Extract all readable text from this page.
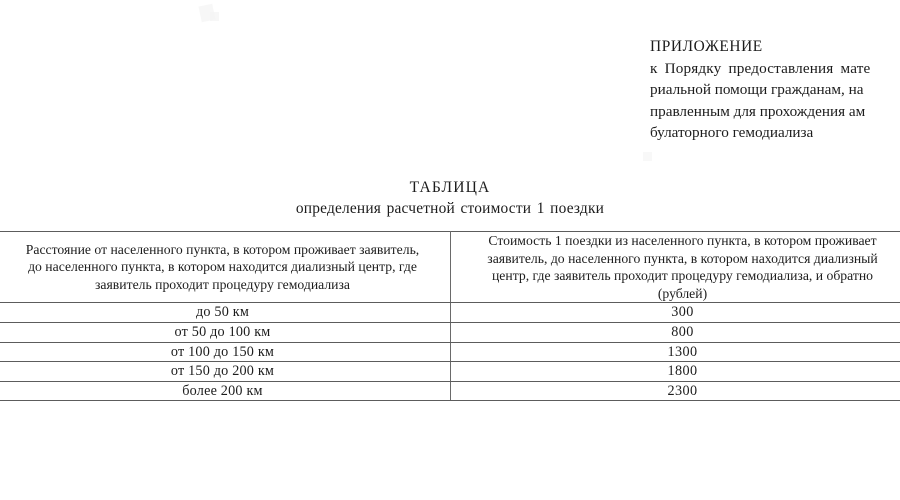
ПРИЛОЖЕНИЕ
к Порядку предоставления мате
риальной помощи гражданам, на
правленным для прохождения ам
булаторного гемодиализа
ТАБЛИЦА
определения расчетной стоимости 1 поездки
Расстояние от населенного пункта, в котором проживает заявитель,
до населенного пункта, в котором находится диализный центр, где
заявитель проходит процедуру гемодиализа	Стоимость 1 поездки из населенного пункта, в котором проживает
заявитель, до населенного пункта, в котором находится диализный
центр, где заявитель проходит процедуру гемодиализа, и обратно
(рублей)

до 50 км	300
от 50 до 100 км	800
от 100 до 150 км	1300
от 150 до 200 км	1800
более 200 км	2300
